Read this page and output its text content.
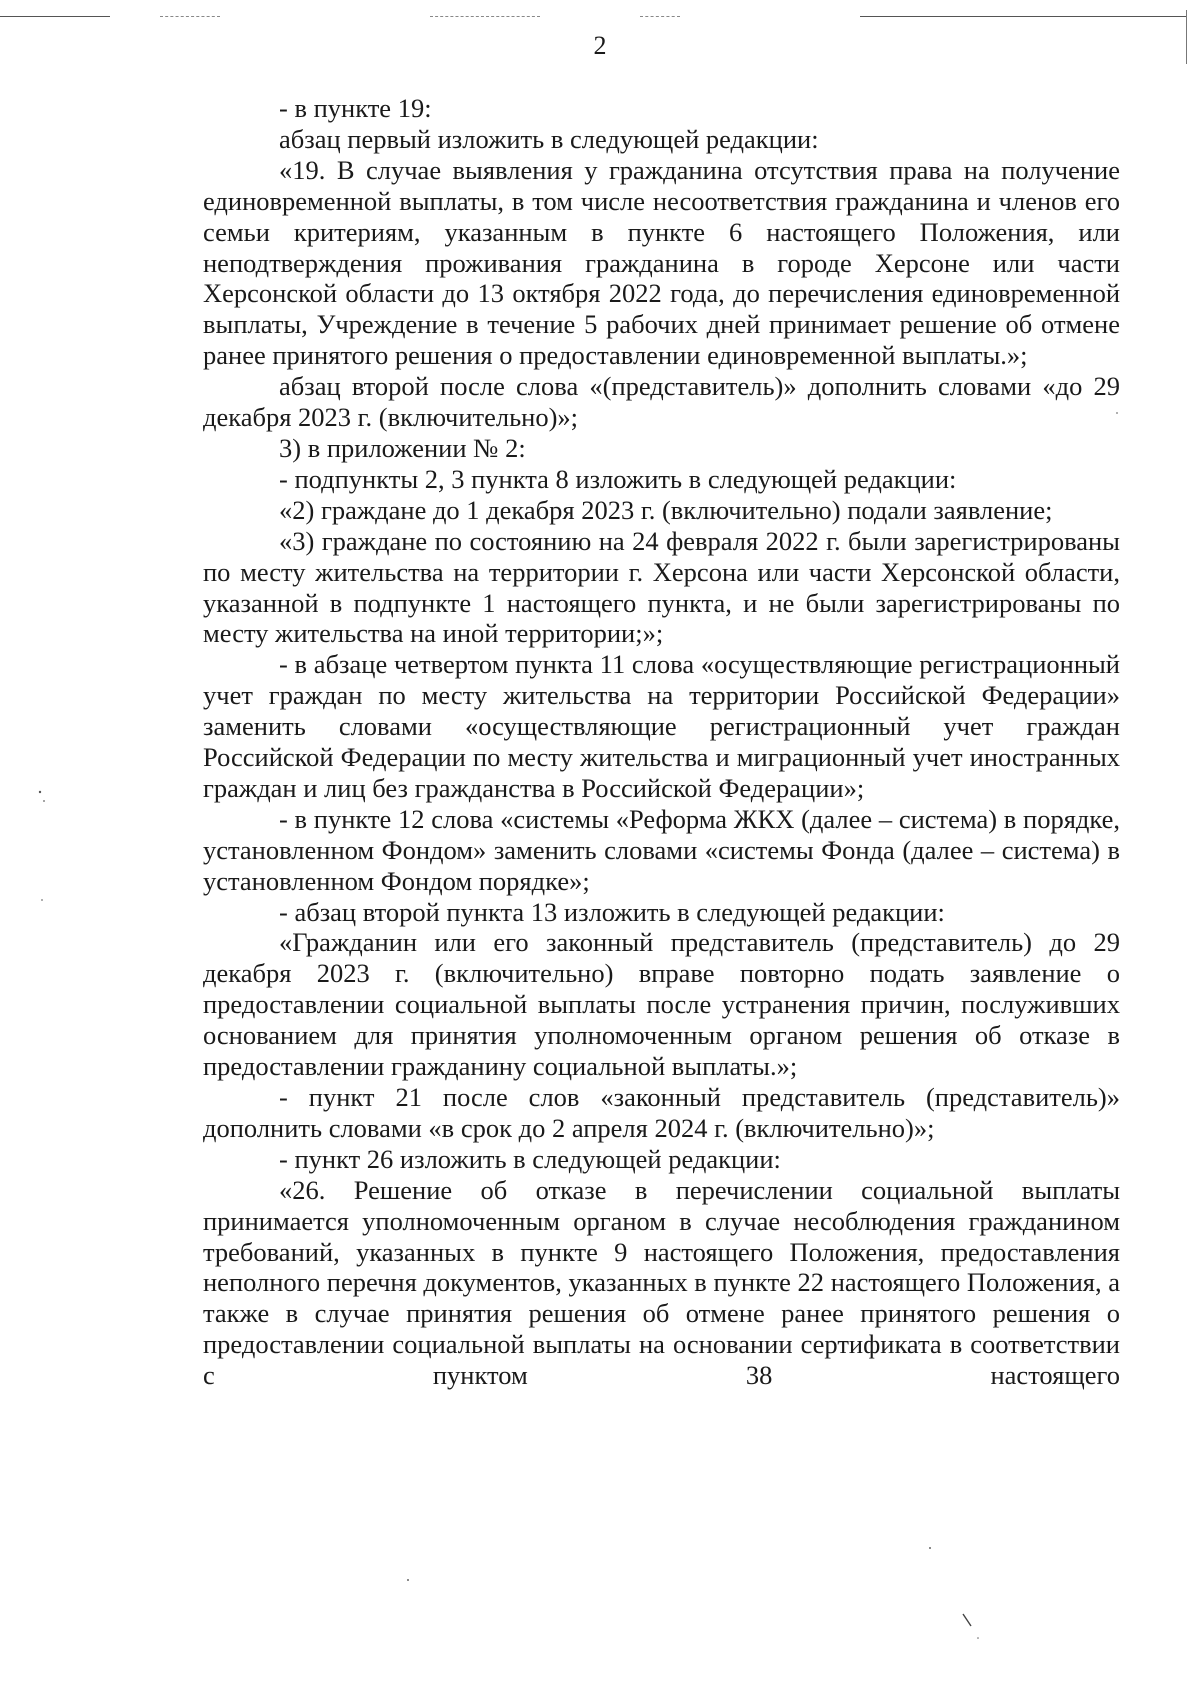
2

- в пункте 19:

абзац первый изложить в следующей редакции:

«19. В случае выявления у гражданина отсутствия права на получение единовременной выплаты, в том числе несоответствия гражданина и членов его семьи критериям, указанным в пункте 6 настоящего Положения, или неподтверждения проживания гражданина в городе Херсоне или части Херсонской области до 13 октября 2022 года, до перечисления единовременной выплаты, Учреждение в течение 5 рабочих дней принимает решение об отмене ранее принятого решения о предоставлении единовременной выплаты.»;

абзац второй после слова «(представитель)» дополнить словами «до 29 декабря 2023 г. (включительно)»;

3) в приложении № 2:

- подпункты 2, 3 пункта 8 изложить в следующей редакции:

«2) граждане до 1 декабря 2023 г. (включительно) подали заявление;

«3) граждане по состоянию на 24 февраля 2022 г. были зарегистрированы по месту жительства на территории г. Херсона или части Херсонской области, указанной в подпункте 1 настоящего пункта, и не были зарегистрированы по месту жительства на иной территории;»;

- в абзаце четвертом пункта 11 слова «осуществляющие регистрационный учет граждан по месту жительства на территории Российской Федерации» заменить словами «осуществляющие регистрационный учет граждан Российской Федерации по месту жительства и миграционный учет иностранных граждан и лиц без гражданства в Российской Федерации»;

- в пункте 12 слова «системы «Реформа ЖКХ (далее – система) в порядке, установленном Фондом» заменить словами «системы Фонда (далее – система) в установленном Фондом порядке»;

- абзац второй пункта 13 изложить в следующей редакции:

«Гражданин или его законный представитель (представитель) до 29 декабря 2023 г. (включительно) вправе повторно подать заявление о предоставлении социальной выплаты после устранения причин, послуживших основанием для принятия уполномоченным органом решения об отказе в предоставлении гражданину социальной выплаты.»;

- пункт 21 после слов «законный представитель (представитель)» дополнить словами «в срок до 2 апреля 2024 г. (включительно)»;

- пункт 26 изложить в следующей редакции:

«26. Решение об отказе в перечислении социальной выплаты принимается уполномоченным органом в случае несоблюдения гражданином требований, указанных в пункте 9 настоящего Положения, предоставления неполного перечня документов, указанных в пункте 22 настоящего Положения, а также в случае принятия решения об отмене ранее принятого решения о предоставлении социальной выплаты на основании сертификата в соответствии с пунктом 38 настоящего
